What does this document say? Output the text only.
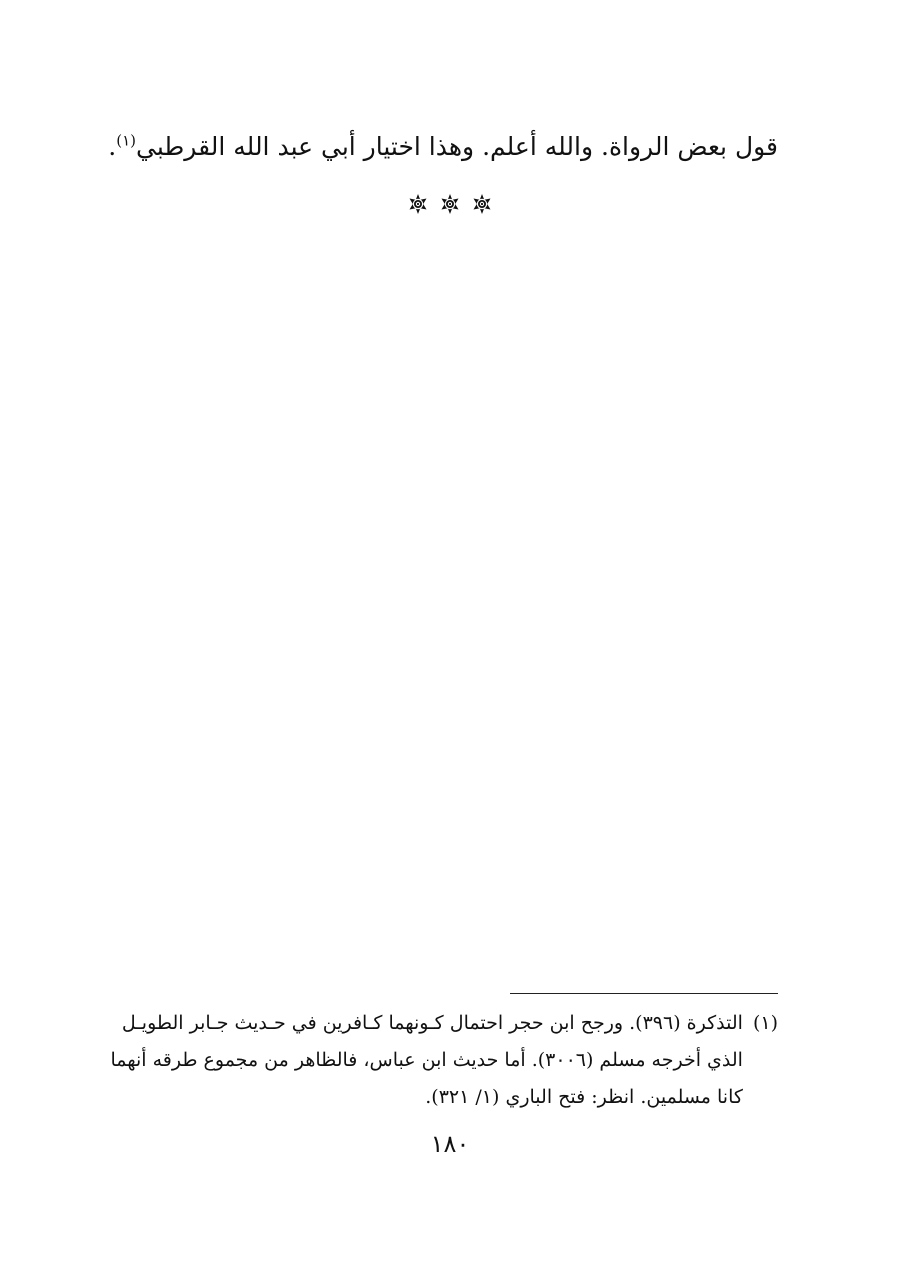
قول بعض الرواة. والله أعلم. وهذا اختيار أبي عبد الله القرطبي$^{(١)}$.

(١)
التذكرة (٣٩٦). ورجح ابن حجر احتمال كـونهما كـافرين في حـديث جـابر الطويـل
الذي أخرجه مسلم (٣٠٠٦). أما حديث ابن عباس، فالظاهر من مجموع طرقه أنهما
كانا مسلمين. انظر: فتح الباري (١/ ٣٢١).
١٨٠
